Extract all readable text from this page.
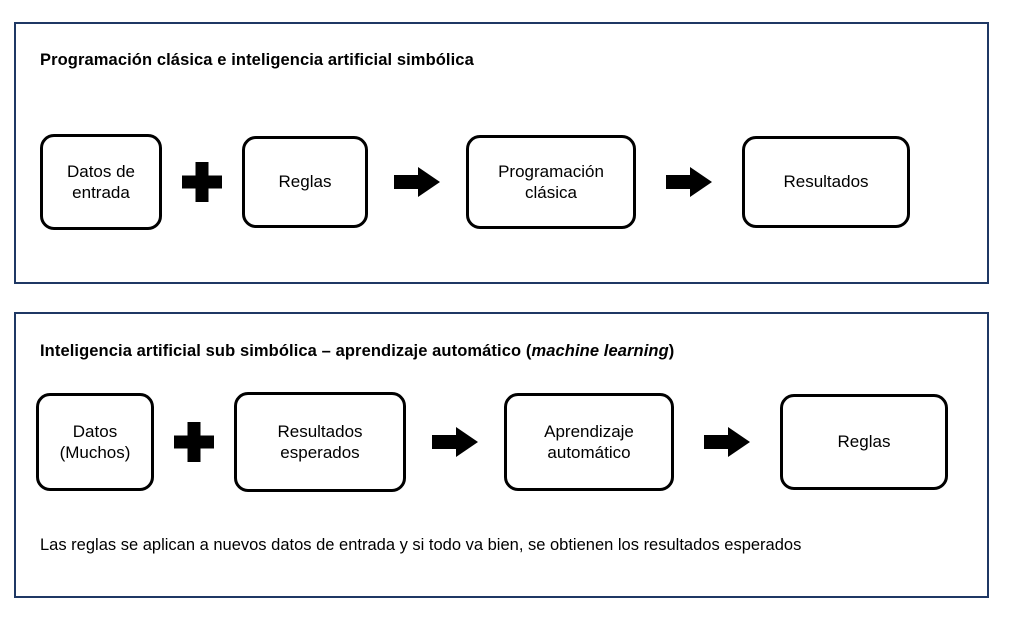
Programación clásica e inteligencia artificial simbólica
Datos de entrada
Reglas
Programación clásica
Resultados
Inteligencia artificial sub simbólica – aprendizaje automático (machine learning)
Datos (Muchos)
Resultados esperados
Aprendizaje automático
Reglas
Las reglas se aplican a nuevos datos de entrada y si todo va bien, se obtienen los resultados esperados
